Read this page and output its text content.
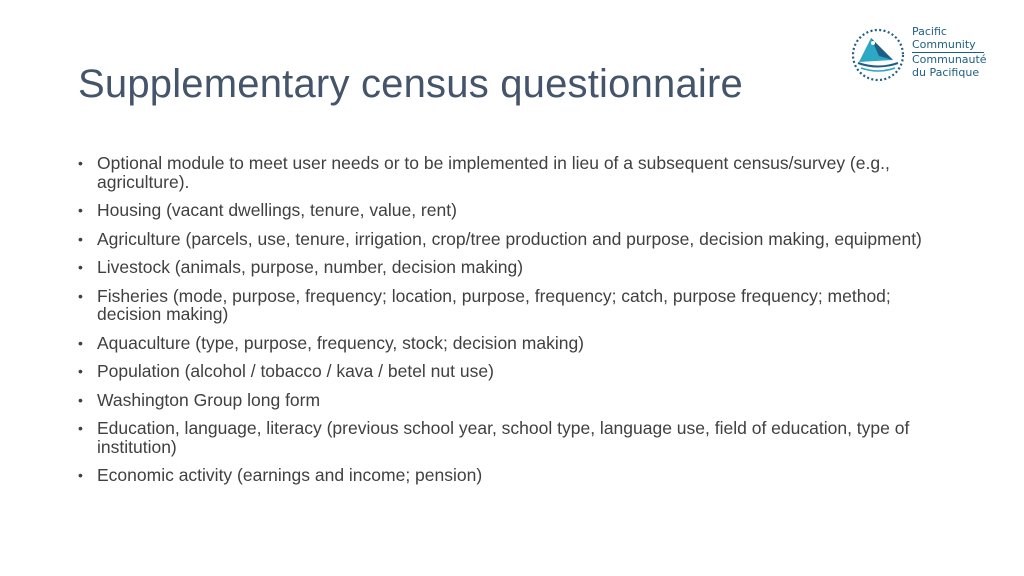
Supplementary census questionnaire
Pacific
Community
Communauté
du Pacifique
• Optional module to meet user needs or to be implemented in lieu of a subsequent census/survey (e.g., agriculture).
• Housing (vacant dwellings, tenure, value, rent)
• Agriculture (parcels, use, tenure, irrigation, crop/tree production and purpose, decision making, equipment)
• Livestock (animals, purpose, number, decision making)
• Fisheries (mode, purpose, frequency; location, purpose, frequency; catch, purpose frequency; method; decision making)
• Aquaculture (type, purpose, frequency, stock; decision making)
• Population (alcohol / tobacco / kava / betel nut use)
• Washington Group long form
• Education, language, literacy (previous school year, school type, language use, field of education, type of institution)
• Economic activity (earnings and income; pension)
